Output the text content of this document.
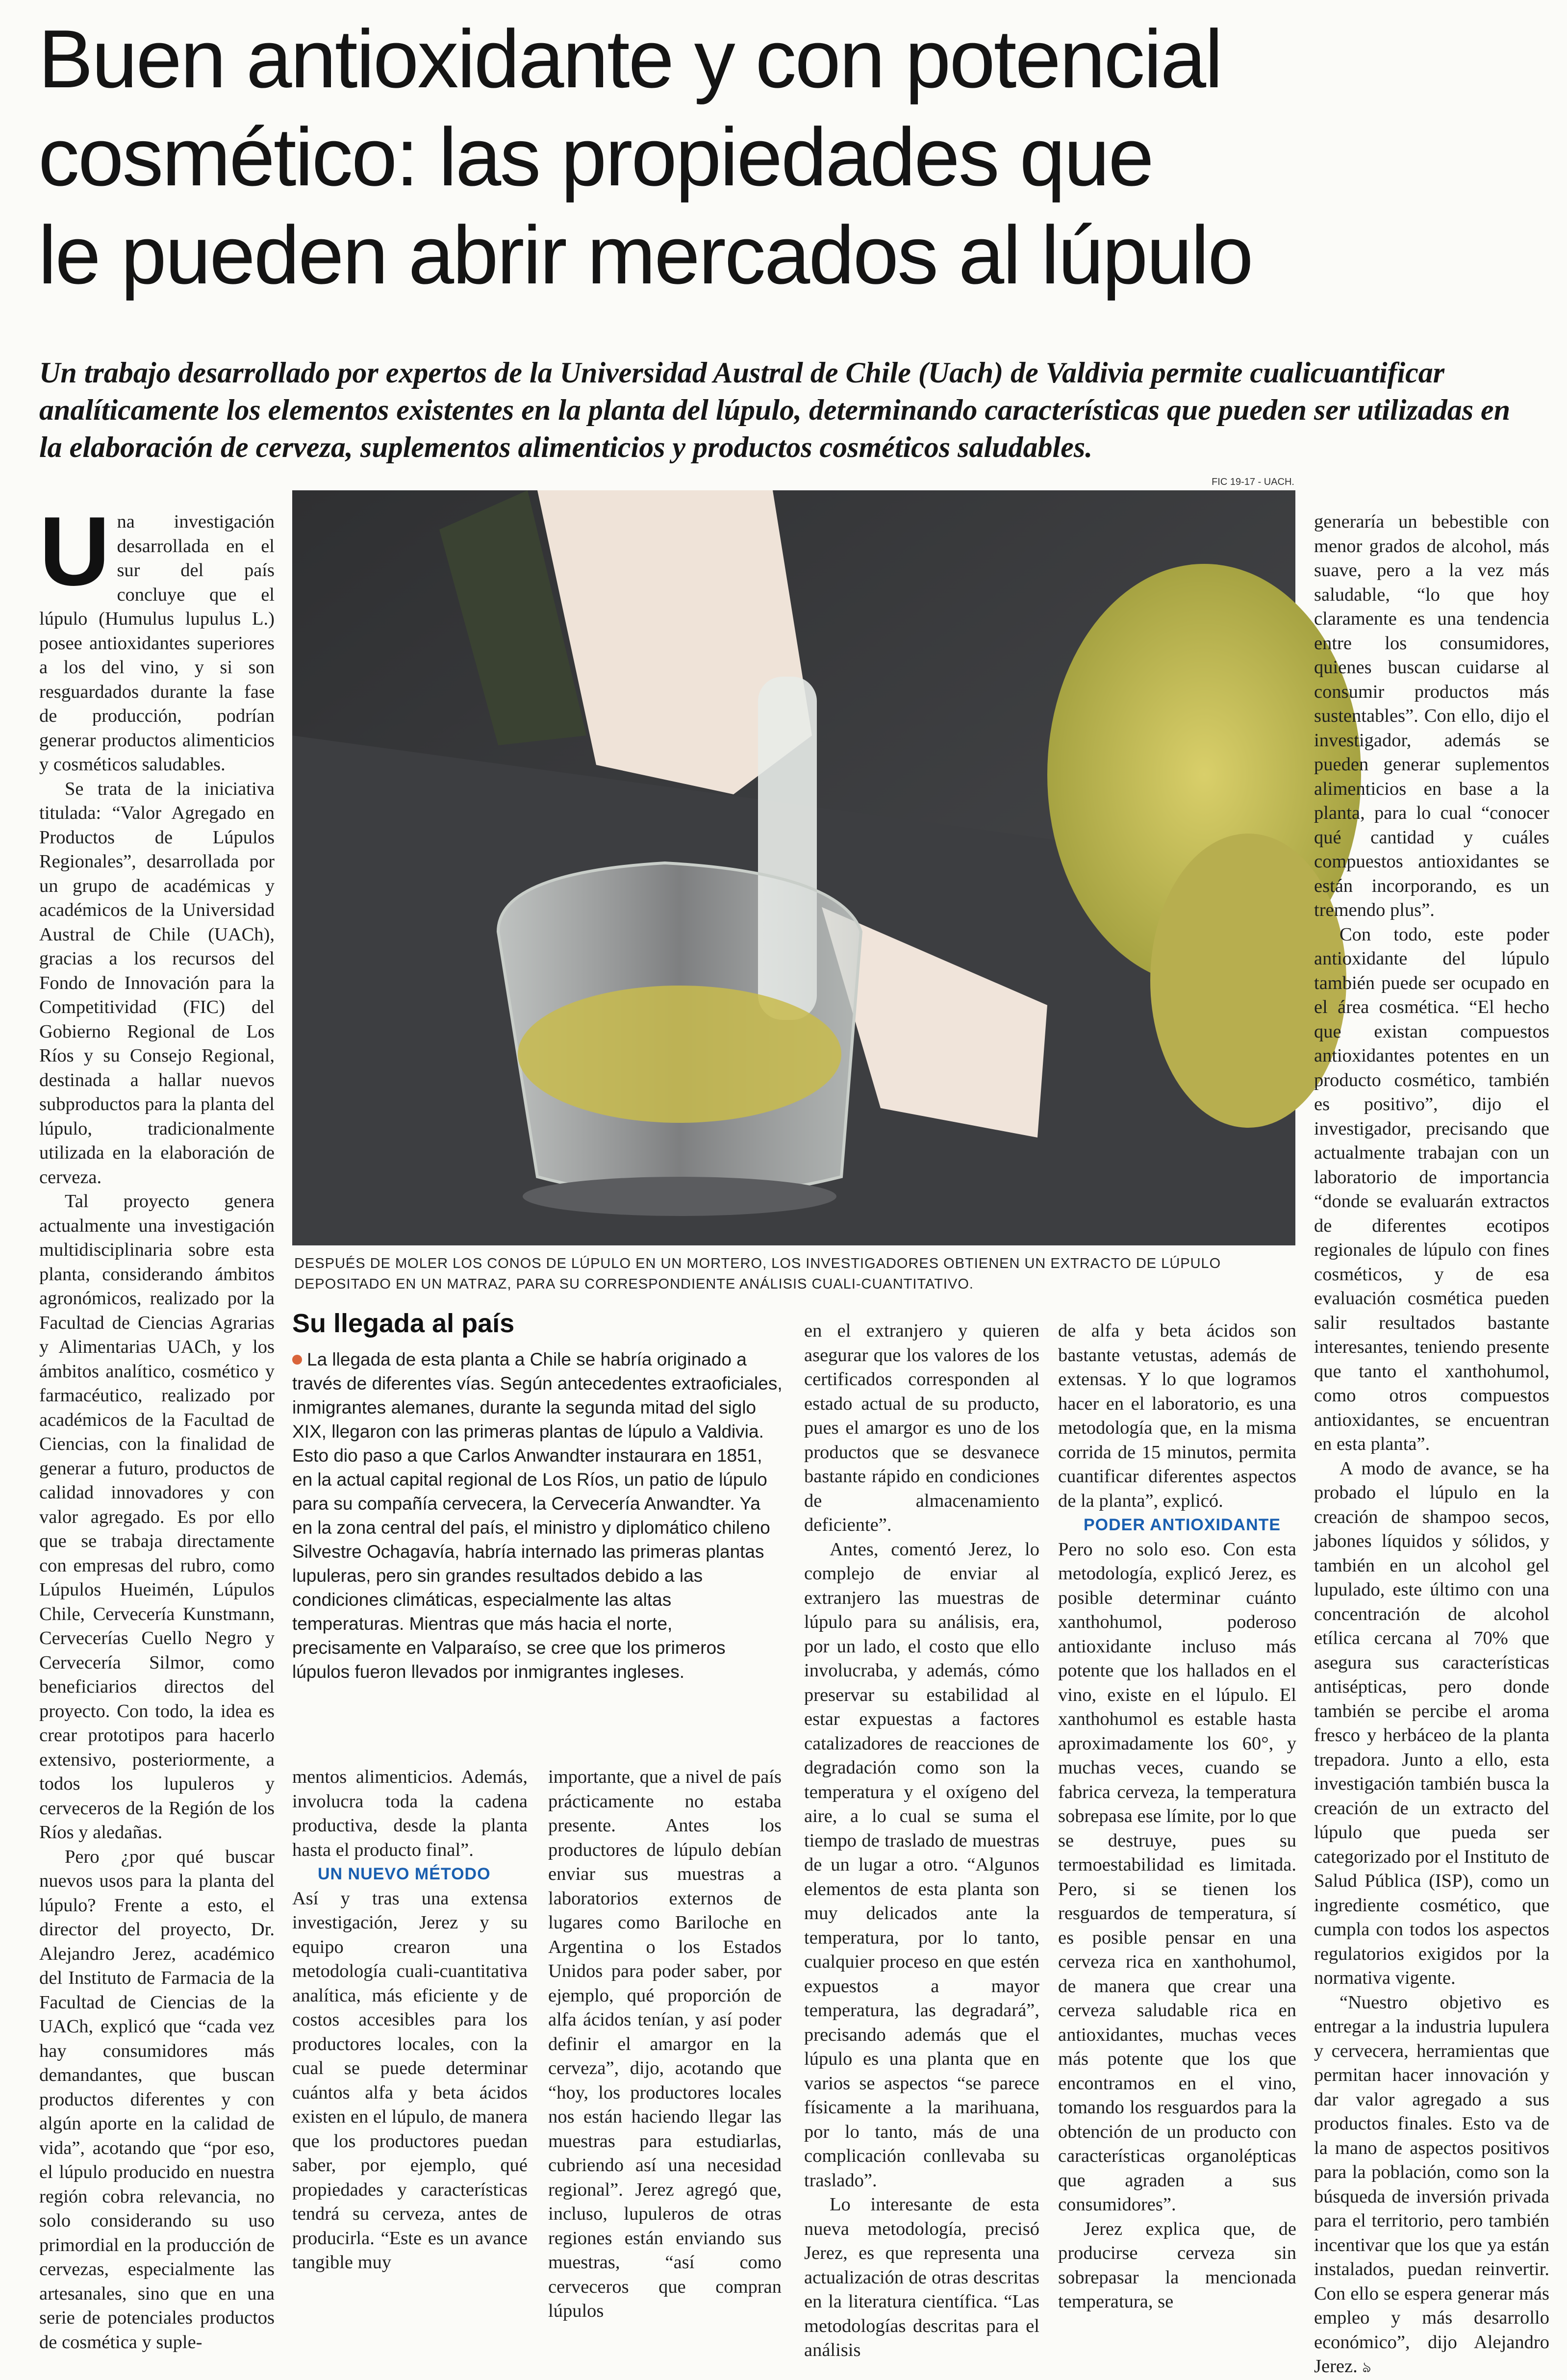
Buen antioxidante y con potencial
cosmético: las propiedades que
le pueden abrir mercados al lúpulo
Un trabajo desarrollado por expertos de la Universidad Austral de Chile (Uach) de Valdivia permite cualicuantificar analíticamente los elementos existentes en la planta del lúpulo, determinando características que pueden ser utilizadas en la elaboración de cerveza, suplementos alimenticios y productos cosméticos saludables.
FIC 19-17 - UACH.

Una investigación desarrollada en el sur del país concluye que el lúpulo (Humulus lupulus L.) posee antioxidantes superiores a los del vino, y si son resguardados durante la fase de producción, podrían generar productos alimenticios y cosméticos saludables.

Se trata de la iniciativa titulada: “Valor Agregado en Productos de Lúpulos Regionales”, desarrollada por un grupo de académicas y académicos de la Universidad Austral de Chile (UACh), gracias a los recursos del Fondo de Innovación para la Competitividad (FIC) del Gobierno Regional de Los Ríos y su Consejo Regional, destinada a hallar nuevos subproductos para la planta del lúpulo, tradicionalmente utilizada en la elaboración de cerveza.

Tal proyecto genera actualmente una investigación multidisciplinaria sobre esta planta, considerando ámbitos agronómicos, realizado por la Facultad de Ciencias Agrarias y Alimentarias UACh, y los ámbitos analítico, cosmético y farmacéutico, realizado por académicos de la Facultad de Ciencias, con la finalidad de generar a futuro, productos de calidad innovadores y con valor agregado. Es por ello que se trabaja directamente con empresas del rubro, como Lúpulos Hueimén, Lúpulos Chile, Cervecería Kunstmann, Cervecerías Cuello Negro y Cervecería Silmor, como beneficiarios directos del proyecto. Con todo, la idea es crear prototipos para hacerlo extensivo, posteriormente, a todos los lupuleros y cerveceros de la Región de los Ríos y aledañas.

Pero ¿por qué buscar nuevos usos para la planta del lúpulo? Frente a esto, el director del proyecto, Dr. Alejandro Jerez, académico del Instituto de Farmacia de la Facultad de Ciencias de la UACh, explicó que “cada vez hay consumidores más demandantes, que buscan productos diferentes y con algún aporte en la calidad de vida”, acotando que “por eso, el lúpulo producido en nuestra región cobra relevancia, no solo considerando su uso primordial en la producción de cervezas, especialmente las artesanales, sino que en una serie de potenciales productos de cosmética y suple-

DESPUÉS DE MOLER LOS CONOS DE LÚPULO EN UN MORTERO, LOS INVESTIGADORES OBTIENEN UN EXTRACTO DE LÚPULO DEPOSITADO EN UN MATRAZ, PARA SU CORRESPONDIENTE ANÁLISIS CUALI-CUANTITATIVO.
Su llegada al país
La llegada de esta planta a Chile se habría originado a través de diferentes vías. Según antecedentes extraoficiales, inmigrantes alemanes, durante la segunda mitad del siglo XIX, llegaron con las primeras plantas de lúpulo a Valdivia. Esto dio paso a que Carlos Anwandter instaurara en 1851, en la actual capital regional de Los Ríos, un patio de lúpulo para su compañía cervecera, la Cervecería Anwandter. Ya en la zona central del país, el ministro y diplomático chileno Silvestre Ochagavía, habría internado las primeras plantas lupuleras, pero sin grandes resultados debido a las condiciones climáticas, especialmente las altas temperaturas. Mientras que más hacia el norte, precisamente en Valparaíso, se cree que los primeros lúpulos fueron llevados por inmigrantes ingleses.

mentos alimenticios. Además, involucra toda la cadena productiva, desde la planta hasta el producto final”.

UN NUEVO MÉTODO

Así y tras una extensa investigación, Jerez y su equipo crearon una metodología cuali-cuantitativa analítica, más eficiente y de costos accesibles para los productores locales, con la cual se puede determinar cuántos alfa y beta ácidos existen en el lúpulo, de manera que los productores puedan saber, por ejemplo, qué propiedades y características tendrá su cerveza, antes de producirla. “Este es un avance tangible muy

importante, que a nivel de país prácticamente no estaba presente. Antes los productores de lúpulo debían enviar sus muestras a laboratorios externos de lugares como Bariloche en Argentina o los Estados Unidos para poder saber, por ejemplo, qué proporción de alfa ácidos tenían, y así poder definir el amargor en la cerveza”, dijo, acotando que “hoy, los productores locales nos están haciendo llegar las muestras para estudiarlas, cubriendo así una necesidad regional”. Jerez agregó que, incluso, lupuleros de otras regiones están enviando sus muestras, “así como cerveceros que compran lúpulos

en el extranjero y quieren asegurar que los valores de los certificados corresponden al estado actual de su producto, pues el amargor es uno de los productos que se desvanece bastante rápido en condiciones de almacenamiento deficiente”.

Antes, comentó Jerez, lo complejo de enviar al extranjero las muestras de lúpulo para su análisis, era, por un lado, el costo que ello involucraba, y además, cómo preservar su estabilidad al estar expuestas a factores catalizadores de reacciones de degradación como son la temperatura y el oxígeno del aire, a lo cual se suma el tiempo de traslado de muestras de un lugar a otro. “Algunos elementos de esta planta son muy delicados ante la temperatura, por lo tanto, cualquier proceso en que estén expuestos a mayor temperatura, las degradará”, precisando además que el lúpulo es una planta que en varios se aspectos “se parece físicamente a la marihuana, por lo tanto, más de una complicación conllevaba su traslado”.

Lo interesante de esta nueva metodología, precisó Jerez, es que representa una actualización de otras descritas en la literatura científica. “Las metodologías descritas para el análisis

de alfa y beta ácidos son bastante vetustas, además de extensas. Y lo que logramos hacer en el laboratorio, es una metodología que, en la misma corrida de 15 minutos, permita cuantificar diferentes aspectos de la planta”, explicó.

PODER ANTIOXIDANTE

Pero no solo eso. Con esta metodología, explicó Jerez, es posible determinar cuánto xanthohumol, poderoso antioxidante incluso más potente que los hallados en el vino, existe en el lúpulo. El xanthohumol es estable hasta aproximadamente los 60°, y muchas veces, cuando se fabrica cerveza, la temperatura sobrepasa ese límite, por lo que se destruye, pues su termoestabilidad es limitada. Pero, si se tienen los resguardos de temperatura, sí es posible pensar en una cerveza rica en xanthohumol, de manera que crear una cerveza saludable rica en antioxidantes, muchas veces más potente que los que encontramos en el vino, tomando los resguardos para la obtención de un producto con características organolépticas que agraden a sus consumidores”.

Jerez explica que, de producirse cerveza sin sobrepasar la mencionada temperatura, se

generaría un bebestible con menor grados de alcohol, más suave, pero a la vez más saludable, “lo que hoy claramente es una tendencia entre los consumidores, quienes buscan cuidarse al consumir productos más sustentables”. Con ello, dijo el investigador, además se pueden generar suplementos alimenticios en base a la planta, para lo cual “conocer qué cantidad y cuáles compuestos antioxidantes se están incorporando, es un tremendo plus”.

Con todo, este poder antioxidante del lúpulo también puede ser ocupado en el área cosmética. “El hecho que existan compuestos antioxidantes potentes en un producto cosmético, también es positivo”, dijo el investigador, precisando que actualmente trabajan con un laboratorio de importancia “donde se evaluarán extractos de diferentes ecotipos regionales de lúpulo con fines cosméticos, y de esa evaluación cosmética pueden salir resultados bastante interesantes, teniendo presente que tanto el xanthohumol, como otros compuestos antioxidantes, se encuentran en esta planta”.

A modo de avance, se ha probado el lúpulo en la creación de shampoo secos, jabones líquidos y sólidos, y también en un alcohol gel lupulado, este último con una concentración de alcohol etílica cercana al 70% que asegura sus características antisépticas, pero donde también se percibe el aroma fresco y herbáceo de la planta trepadora. Junto a ello, esta investigación también busca la creación de un extracto del lúpulo que pueda ser categorizado por el Instituto de Salud Pública (ISP), como un ingrediente cosmético, que cumpla con todos los aspectos regulatorios exigidos por la normativa vigente.

“Nuestro objetivo es entregar a la industria lupulera y cervecera, herramientas que permitan hacer innovación y dar valor agregado a sus productos finales. Esto va de la mano de aspectos positivos para la población, como son la búsqueda de inversión privada para el territorio, pero también incentivar que los que ya están instalados, puedan reinvertir. Con ello se espera generar más empleo y más desarrollo económico”, dijo Alejandro Jerez. ঌ
